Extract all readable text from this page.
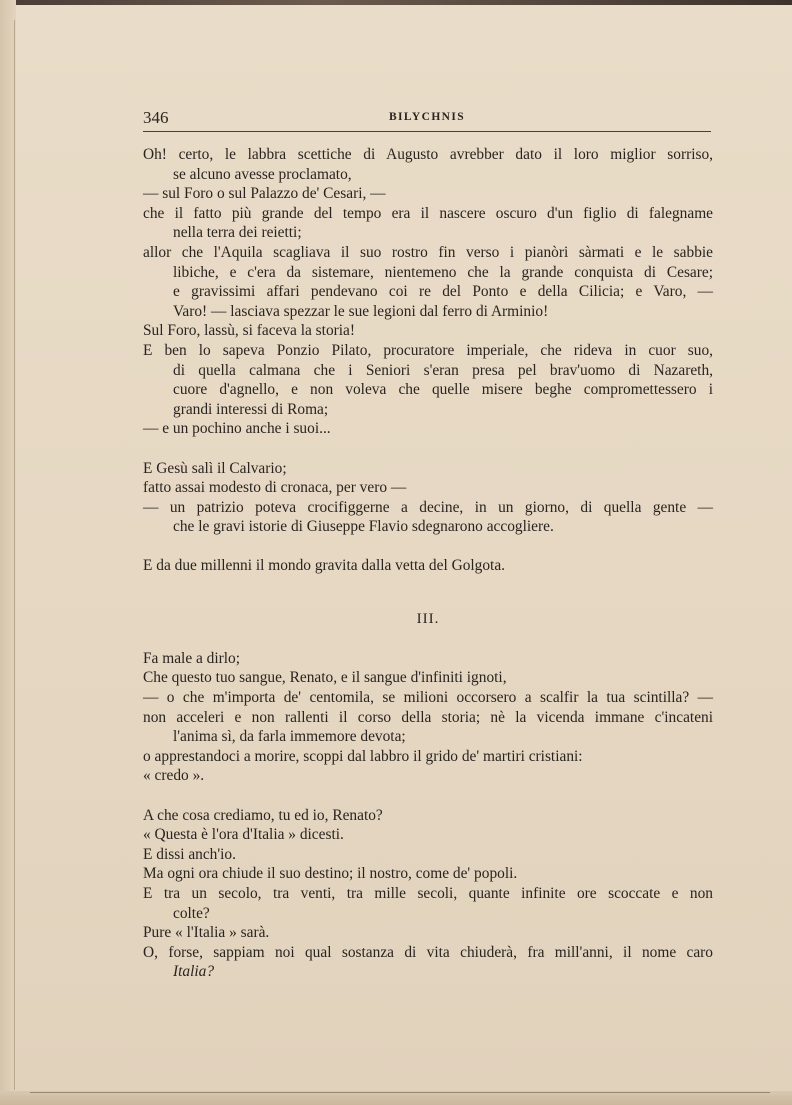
346	BILYCHNIS
Oh! certo, le labbra scettiche di Augusto avrebber dato il loro miglior sorriso,
se alcuno avesse proclamato,
— sul Foro o sul Palazzo de' Cesari, —
che il fatto più grande del tempo era il nascere oscuro d'un figlio di falegname
nella terra dei reietti;
allor che l'Aquila scagliava il suo rostro fin verso i pianòri sàrmati e le sabbie
libiche, e c'era da sistemare, nientemeno che la grande conquista di Cesare;
e gravissimi affari pendevano coi re del Ponto e della Cilicia; e Varo, —
Varo! — lasciava spezzar le sue legioni dal ferro di Arminio!
Sul Foro, lassù, si faceva la storia!
E ben lo sapeva Ponzio Pilato, procuratore imperiale, che rideva in cuor suo,
di quella calmana che i Seniori s'eran presa pel brav'uomo di Nazareth,
cuore d'agnello, e non voleva che quelle misere beghe compromettessero i
grandi interessi di Roma;
— e un pochino anche i suoi...
E Gesù salì il Calvario;
fatto assai modesto di cronaca, per vero —
— un patrizio poteva crocifiggerne a decine, in un giorno, di quella gente —
che le gravi istorie di Giuseppe Flavio sdegnarono accogliere.
E da due millenni il mondo gravita dalla vetta del Golgota.
III.
Fa male a dirlo;
Che questo tuo sangue, Renato, e il sangue d'infiniti ignoti,
— o che m'importa de' centomila, se milioni occorsero a scalfir la tua scintilla? —
non acceleri e non rallenti il corso della storia; nè la vicenda immane c'incateni
l'anima sì, da farla immemore devota;
o apprestandoci a morire, scoppi dal labbro il grido de' martiri cristiani:
« credo ».
A che cosa crediamo, tu ed io, Renato?
« Questa è l'ora d'Italia » dicesti.
E dissi anch'io.
Ma ogni ora chiude il suo destino; il nostro, come de' popoli.
E tra un secolo, tra venti, tra mille secoli, quante infinite ore scoccate e non
colte?
Pure « l'Italia » sarà.
O, forse, sappiam noi qual sostanza di vita chiuderà, fra mill'anni, il nome caro
Italia?
